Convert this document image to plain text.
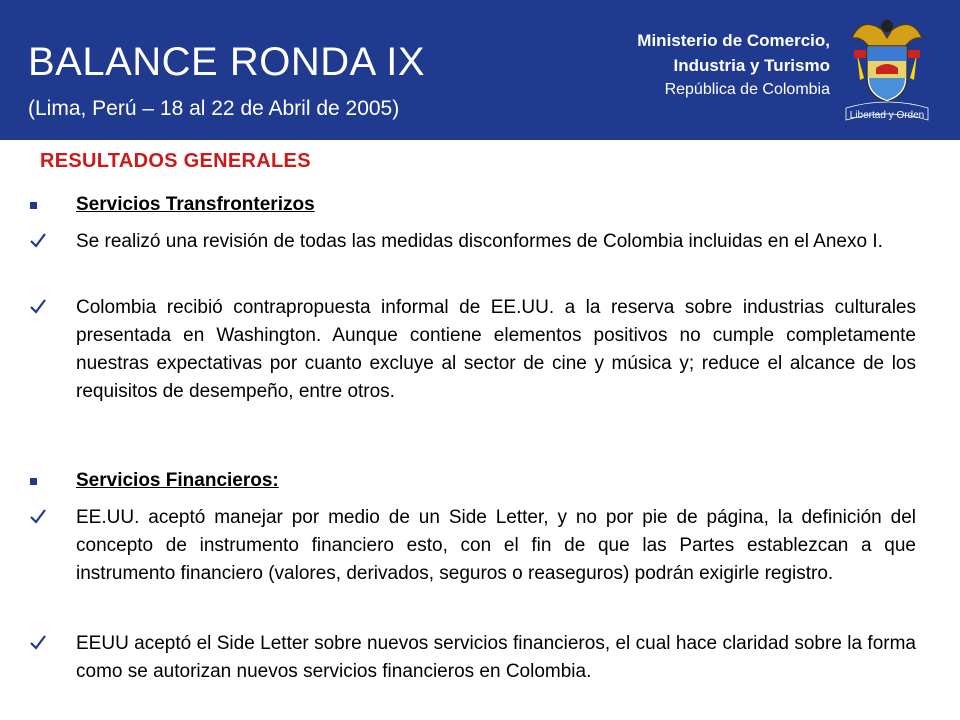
BALANCE RONDA IX
(Lima, Perú – 18 al 22 de Abril de 2005)
Ministerio de Comercio,
Industria y Turismo
República de Colombia
Libertad y Orden
RESULTADOS GENERALES
Servicios Transfronterizos
Se realizó una revisión de todas las medidas disconformes de Colombia incluidas en el Anexo I.
Colombia recibió contrapropuesta informal de EE.UU. a la reserva sobre industrias culturales presentada en Washington. Aunque contiene elementos positivos no cumple completamente nuestras expectativas por cuanto excluye al sector de cine y música y; reduce el alcance de los requisitos de desempeño, entre otros.
Servicios Financieros:
EE.UU. aceptó manejar por medio de un Side Letter, y no por pie de página, la definición del concepto de instrumento financiero esto, con el fin de que las Partes establezcan a que instrumento financiero (valores, derivados, seguros o reaseguros) podrán exigirle registro.
EEUU aceptó el Side Letter sobre nuevos servicios financieros, el cual hace claridad sobre la forma como se autorizan nuevos servicios financieros en Colombia.
